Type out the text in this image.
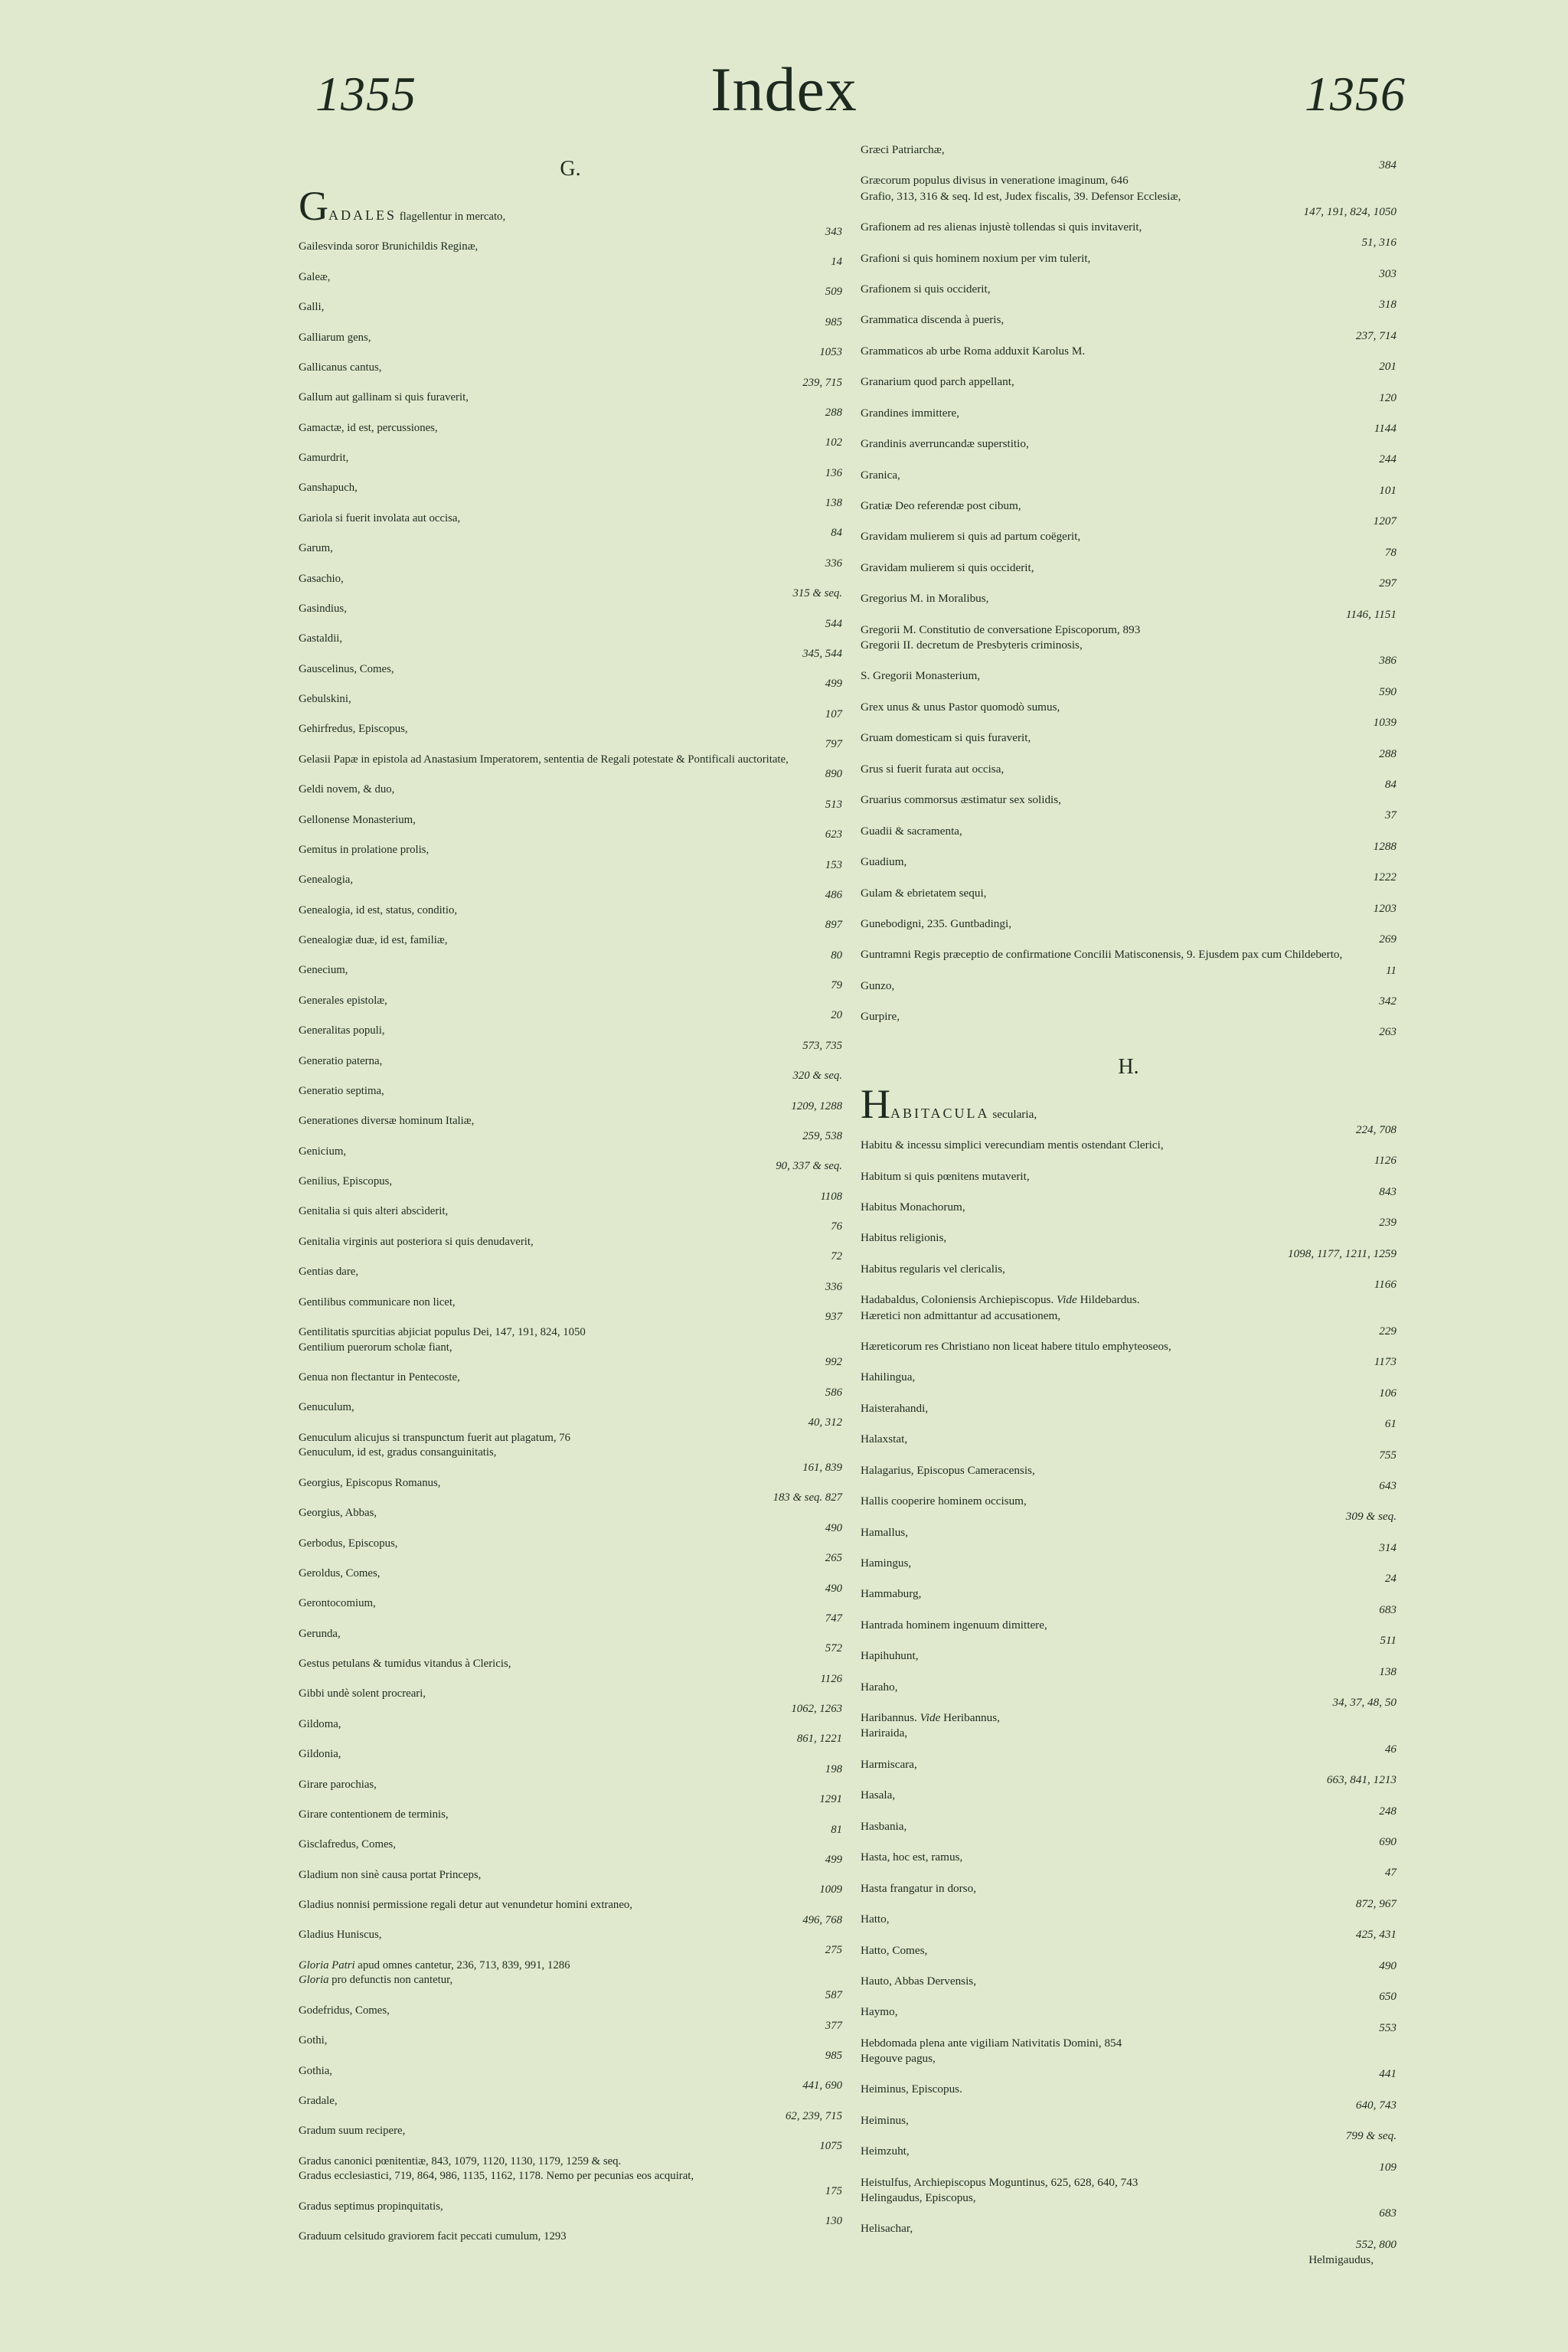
1355	Index	1356
G.
GADALES flagellentur in mercato,
343
Gailesvinda soror Brunichildis Reginæ,
14
Galeæ,
509
Galli,
985
Galliarum gens,
1053
Gallicanus cantus,
239, 715
Gallum aut gallinam si quis furaverit,
288
Gamactæ, id est, percussiones,
102
Gamurdrit,
136
Ganshapuch,
138
Gariola si fuerit involata aut occisa,
84
Garum,
336
Gasachio,
315 & seq.
Gasindius,
544
Gastaldii,
345, 544
Gauscelinus, Comes,
499
Gebulskini,
107
Gehirfredus, Episcopus,
797
Gelasii Papæ in epistola ad Anastasium Imperatorem, sententia de Regali potestate & Pontificali auctoritate,
890
Geldi novem, & duo,
513
Gellonense Monasterium,
623
Gemitus in prolatione prolis,
153
Genealogia,
486
Genealogia, id est, status, conditio,
897
Genealogiæ duæ, id est, familiæ,
80
Genecium,
79
Generales epistolæ,
20
Generalitas populi,
573, 735
Generatio paterna,
320 & seq.
Generatio septima,
1209, 1288
Generationes diversæ hominum Italiæ,
259, 538
Genicium,
90, 337 & seq.
Genilius, Episcopus,
1108
Genitalia si quis alteri abscìderit,
76
Genitalia virginis aut posteriora si quis denudaverit,
72
Gentias dare,
336
Gentilibus communicare non licet,
937
Gentilitatis spurcitias abjiciat populus Dei, 147, 191, 824, 1050
Gentilium puerorum scholæ fiant,
992
Genua non flectantur in Pentecoste,
586
Genuculum,
40, 312
Genuculum alicujus si transpunctum fuerit aut plagatum, 76
Genuculum, id est, gradus consanguinitatis,
161, 839
Georgius, Episcopus Romanus,
183 & seq. 827
Georgius, Abbas,
490
Gerbodus, Episcopus,
265
Geroldus, Comes,
490
Gerontocomium,
747
Gerunda,
572
Gestus petulans & tumidus vitandus à Clericis,
1126
Gibbi undè solent procreari,
1062, 1263
Gildoma,
861, 1221
Gildonia,
198
Girare parochias,
1291
Girare contentionem de terminis,
81
Gisclafredus, Comes,
499
Gladium non sinè causa portat Princeps,
1009
Gladius nonnisi permissione regali detur aut venundetur homini extraneo,
496, 768
Gladius Huniscus,
275
Gloria Patri apud omnes cantetur, 236, 713, 839, 991, 1286
Gloria pro defunctis non cantetur,
587
Godefridus, Comes,
377
Gothi,
985
Gothia,
441, 690
Gradale,
62, 239, 715
Gradum suum recipere,
1075
Gradus canonici pœnitentiæ, 843, 1079, 1120, 1130, 1179, 1259 & seq.
Gradus ecclesiastici, 719, 864, 986, 1135, 1162, 1178. Nemo per pecunias eos acquirat,
175
Gradus septimus propinquitatis,
130
Graduum celsitudo graviorem facit peccati cumulum, 1293
Græci Patriarchæ,
384
Græcorum populus divisus in veneratione imaginum, 646
Grafio, 313, 316 & seq. Id est, Judex fiscalis, 39. Defensor Ecclesiæ,
147, 191, 824, 1050
Grafionem ad res alienas injustè tollendas si quis invitaverit,
51, 316
Grafioni si quis hominem noxium per vim tulerit,
303
Grafionem si quis occiderit,
318
Grammatica discenda à pueris,
237, 714
Grammaticos ab urbe Roma adduxit Karolus M.
201
Granarium quod parch appellant,
120
Grandines immittere,
1144
Grandinis averruncandæ superstitio,
244
Granica,
101
Gratiæ Deo referendæ post cibum,
1207
Gravidam mulierem si quis ad partum coëgerit,
78
Gravidam mulierem si quis occiderit,
297
Gregorius M. in Moralibus,
1146, 1151
Gregorii M. Constitutio de conversatione Episcoporum, 893
Gregorii II. decretum de Presbyteris criminosis,
386
S. Gregorii Monasterium,
590
Grex unus & unus Pastor quomodò sumus,
1039
Gruam domesticam si quis furaverit,
288
Grus si fuerit furata aut occisa,
84
Gruarius commorsus æstimatur sex solidis,
37
Guadii & sacramenta,
1288
Guadium,
1222
Gulam & ebrietatem sequi,
1203
Gunebodigni, 235. Guntbadingi,
269
Guntramni Regis præceptio de confirmatione Concilii Matisconensis, 9. Ejusdem pax cum Childeberto,
11
Gunzo,
342
Gurpire,
263
H.
HABITACULA secularia,
224, 708
Habitu & incessu simplici verecundiam mentis ostendant Clerici,
1126
Habitum si quis pœnitens mutaverit,
843
Habitus Monachorum,
239
Habitus religionis,
1098, 1177, 1211, 1259
Habitus regularis vel clericalis,
1166
Hadabaldus, Coloniensis Archiepiscopus. Vide Hildebardus.
Hæretici non admittantur ad accusationem,
229
Hæreticorum res Christiano non liceat habere titulo emphyteoseos,
1173
Hahilingua,
106
Haisterahandi,
61
Halaxstat,
755
Halagarius, Episcopus Cameracensis,
643
Hallis cooperire hominem occisum,
309 & seq.
Hamallus,
314
Hamingus,
24
Hammaburg,
683
Hantrada hominem ingenuum dimittere,
511
Hapihuhunt,
138
Haraho,
34, 37, 48, 50
Haribannus. Vide Heribannus,
Hariraida,
46
Harmiscara,
663, 841, 1213
Hasala,
248
Hasbania,
690
Hasta, hoc est, ramus,
47
Hasta frangatur in dorso,
872, 967
Hatto,
425, 431
Hatto, Comes,
490
Hauto, Abbas Dervensis,
650
Haymo,
553
Hebdomada plena ante vigiliam Nativitatis Domini, 854
Hegouve pagus,
441
Heiminus, Episcopus.
640, 743
Heiminus,
799 & seq.
Heimzuht,
109
Heistulfus, Archiepiscopus Moguntinus, 625, 628, 640, 743
Helingaudus, Episcopus,
683
Helisachar,
552, 800
Helmigaudus,
